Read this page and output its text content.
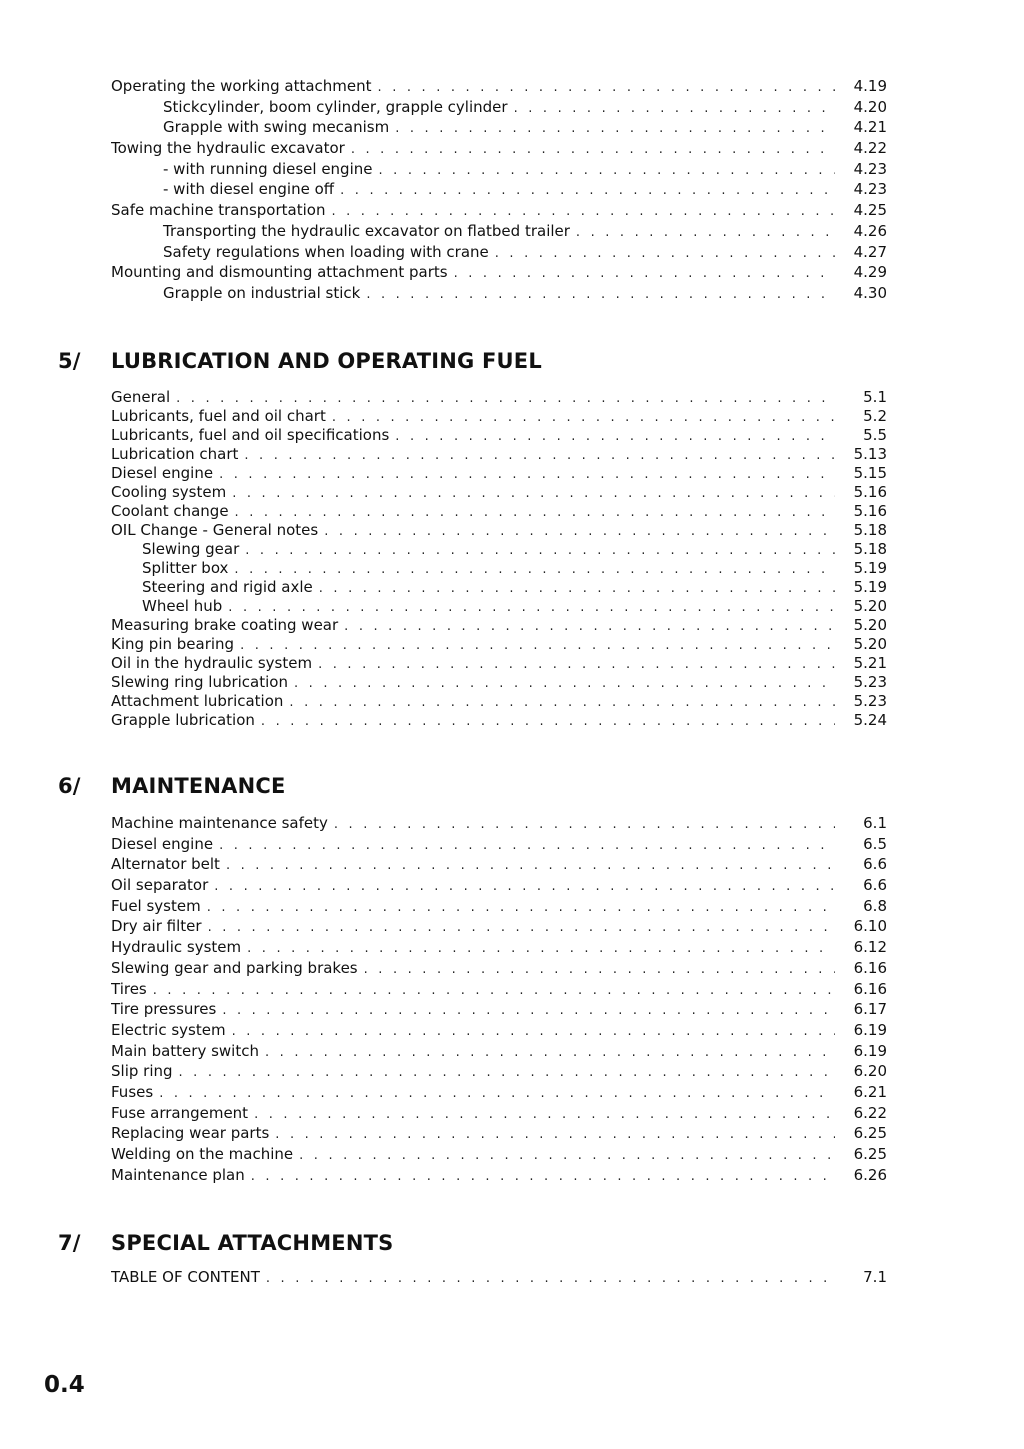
Operating the working attachment . . .	4.19
Stickcylinder, boom cylinder, grapple cylinder . . .	4.20
Grapple with swing mecanism . . .	4.21
Towing the hydraulic excavator . . .	4.22
- with running diesel engine . . .	4.23
- with diesel engine off . . .	4.23
Safe machine transportation . . .	4.25
Transporting the hydraulic excavator on flatbed trailer . . .	4.26
Safety regulations when loading with crane . . .	4.27
Mounting and dismounting attachment parts . . .	4.29
Grapple on industrial stick . . .	4.30
5/	LUBRICATION AND OPERATING FUEL
General . . .	5.1
Lubricants, fuel and oil chart . . .	5.2
Lubricants, fuel and oil specifications . . .	5.5
Lubrication chart . . .	5.13
Diesel engine . . .	5.15
Cooling system . . .	5.16
Coolant change . . .	5.16
OIL Change - General notes . . .	5.18
Slewing gear . . .	5.18
Splitter box . . .	5.19
Steering and rigid axle . . .	5.19
Wheel hub . . .	5.20
Measuring brake coating wear . . .	5.20
King pin bearing . . .	5.20
Oil in the hydraulic system . . .	5.21
Slewing ring lubrication . . .	5.23
Attachment lubrication . . .	5.23
Grapple lubrication . . .	5.24
6/	MAINTENANCE
Machine maintenance safety . . .	6.1
Diesel engine . . .	6.5
Alternator belt . . .	6.6
Oil separator . . .	6.6
Fuel system . . .	6.8
Dry air filter . . .	6.10
Hydraulic system . . .	6.12
Slewing gear and parking brakes . . .	6.16
Tires . . .	6.16
Tire pressures . . .	6.17
Electric system . . .	6.19
Main battery switch . . .	6.19
Slip ring . . .	6.20
Fuses . . .	6.21
Fuse arrangement . . .	6.22
Replacing wear parts . . .	6.25
Welding on the machine . . .	6.25
Maintenance plan . . .	6.26
7/	SPECIAL ATTACHMENTS
TABLE OF CONTENT . . .	7.1
0.4
